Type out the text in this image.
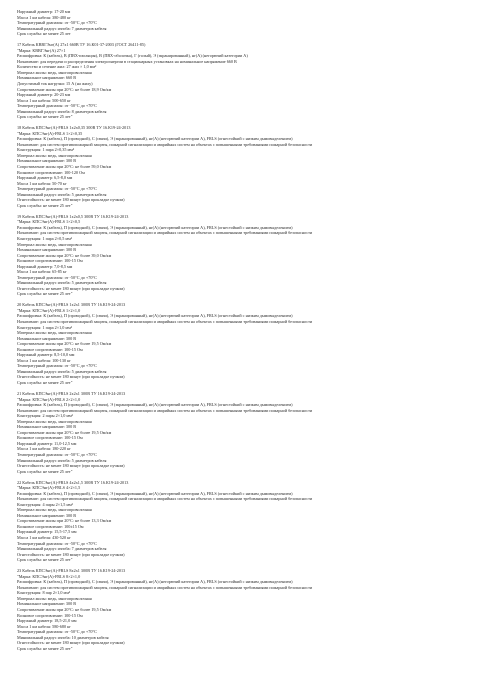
Наружный диаметр: 17-20 мм
Масса 1 км кабеля: 380-480 кг
Температурный диапазон: от -50°С до +70°С
Минимальный радиус изгиба: 7 диаметров кабеля
Срок службы: не менее 25 лет
17 Кабель КВВГЭнг(А) 27х1 660В ТУ 16.К01-37-2003 (ГОСТ 26411-85)
"Марка: КВВГЭнг(А) 27×1
Расшифровка: К (кабель), В (ПВХ-изоляция), В (ПВХ-оболочка), Г (голый), Э (экранированный), нг(А) (негорючий категории А)
Назначение: для передачи и распределения электроэнергии в стационарных установках на номинальное напряжение 660 В
Количество и сечение жил: 27 жил × 1,0 мм²
Материал жилы: медь, многопроволочная
Номинальное напряжение: 660 В
Допустимый ток нагрузки: 15 А (на жилу)
Сопротивление жилы при 20°С: не более 18,9 Ом/км
Наружный диаметр: 20-23 мм
Масса 1 км кабеля: 500-650 кг
Температурный диапазон: от -50°С до +70°С
Минимальный радиус изгиба: 8 диаметров кабеля
Срок службы: не менее 25 лет"
18 Кабель КПСЭнг(А)-FRLS 1х2х0,35 300В ТУ 16.К19-24-2013
"Марка: КПСЭнг(А)-FRLS 1×2×0,35
Расшифровка: К (кабель), П (проводной), С (связи), Э (экранированный), нг(А) (негорючий категории А), FRLS (огнестойкий с низким дымовыделением)
Назначение: для систем противопожарной защиты, пожарной сигнализации и аварийных систем на объектах с повышенными требованиями пожарной безопасности
Конструкция: 1 пара 2×0,35 мм²
Материал жилы: медь, многопроволочная
Номинальное напряжение: 300 В
Сопротивление жилы при 20°С: не более 59,0 Ом/км
Волновое сопротивление: 100-120 Ом
Наружный диаметр: 6,5-8,0 мм
Масса 1 км кабеля: 50-70 кг
Температурный диапазон: от -50°С до +70°С
Минимальный радиус изгиба: 5 диаметров кабеля
Огнестойкость: не менее 180 минут (при прокладке пучком)
Срок службы: не менее 25 лет"
19 Кабель КПСЭнг(А)-FRLS 1х2х0,5 300В ТУ 16.К19-24-2013
"Марка: КПСЭнг(А)-FRLS 1×2×0,5
Расшифровка: К (кабель), П (проводной), С (связи), Э (экранированный), нг(А) (негорючий категории А), FRLS (огнестойкий с низким дымовыделением)
Назначение: для систем противопожарной защиты, пожарной сигнализации и аварийных систем на объектах с повышенными требованиями пожарной безопасности
Конструкция: 1 пара 2×0,5 мм²
Материал жилы: медь, многопроволочная
Номинальное напряжение: 300 В
Сопротивление жилы при 20°С: не более 39,0 Ом/км
Волновое сопротивление: 100-15 Ом
Наружный диаметр: 7,0-8,5 мм
Масса 1 км кабеля: 65-85 кг
Температурный диапазон: от -50°С до +70°С
Минимальный радиус изгиба: 5 диаметров кабеля
Огнестойкость: не менее 180 минут (при прокладке пучком)
Срок службы: не менее 25 лет"
20 Кабель КПСЭнг(А)-FRLS 1х2х1 300В ТУ 16.К19-24-2013
"Марка: КПСЭнг(А)-FRLS 1×2×1,0
Расшифровка: К (кабель), П (проводной), С (связи), Э (экранированный), нг(А) (негорючий категории А), FRLS (огнестойкий с низким дымовыделением)
Назначение: для систем противопожарной защиты, пожарной сигнализации и аварийных систем на объектах с повышенными требованиями пожарной безопасности
Конструкция: 1 пара 2×1,0 мм²
Материал жилы: медь, многопроволочная
Номинальное напряжение: 300 В
Сопротивление жилы при 20°С: не более 19,5 Ом/км
Волновое сопротивление: 100-15 Ом
Наружный диаметр: 8,5-10,0 мм
Масса 1 км кабеля: 100-130 кг
Температурный диапазон: от -50°С до +70°С
Минимальный радиус изгиба: 5 диаметров кабеля
Огнестойкость: не менее 180 минут (при прокладке пучком)
Срок службы: не менее 25 лет"
21 Кабель КПСЭнг(А)-FRLS 2х2х1 300В ТУ 16.К19-24-2013
"Марка: КПСЭнг(А)-FRLS 2×2×1,0
Расшифровка: К (кабель), П (проводной), С (связи), Э (экранированный), нг(А) (негорючий категории А), FRLS (огнестойкий с низким дымовыделением)
Назначение: для систем противопожарной защиты, пожарной сигнализации и аварийных систем на объектах с повышенными требованиями пожарной безопасности
Конструкция: 2 пары 2×1,0 мм²
Материал жилы: медь, многопроволочная
Номинальное напряжение: 300 В
Сопротивление жилы при 20°С: не более 19,5 Ом/км
Волновое сопротивление: 100-15 Ом
Наружный диаметр: 11,0-12,5 мм
Масса 1 км кабеля: 180-220 кг
Температурный диапазон: от -50°С до +70°С
Минимальный радиус изгиба: 5 диаметров кабеля
Огнестойкость: не менее 180 минут (при прокладке пучком)
Срок службы: не менее 25 лет"
22 Кабель КПСЭнг(А)-FRLS 4х2х1,5 300В ТУ 16.К19-24-2013
"Марка: КПСЭнг(А)-FRLS 4×2×1,5
Расшифровка: К (кабель), П (проводной), С (связи), Э (экранированный), нг(А) (негорючий категории А), FRLS (огнестойкий с низким дымовыделением)
Назначение: для систем противопожарной защиты, пожарной сигнализации и аварийных систем на объектах с повышенными требованиями пожарной безопасности
Конструкция: 4 пары 2×1,5 мм²
Материал жилы: медь, многопроволочная
Номинальное напряжение: 300 В
Сопротивление жилы при 20°С: не более 13,3 Ом/км
Волновое сопротивление: 100±15 Ом
Наружный диаметр: 15,5-17,5 мм
Масса 1 км кабеля: 430-520 кг
Температурный диапазон: от -50°С до +70°С
Минимальный радиус изгиба: 7 диаметров кабеля
Огнестойкость: не менее 180 минут (при прокладке пучком)
Срок службы: не менее 25 лет"
23 Кабель КПСЭнг(А)-FRLS 8х2х1 300В ТУ 16.К19-24-2013
"Марка: КПСЭнг(А)-FRLS 8×2×1,0
Расшифровка: К (кабель), П (проводной), С (связи), Э (экранированный), нг(А) (негорючий категории А), FRLS (огнестойкий с низким дымовыделением)
Назначение: для систем противопожарной защиты, пожарной сигнализации и аварийных систем на объектах с повышенными требованиями пожарной безопасности
Конструкция: 8 пар 2×1,0 мм²
Материал жилы: медь, многопроволочная
Номинальное напряжение: 300 В
Сопротивление жилы при 20°С: не более 19,5 Ом/км
Волновое сопротивление: 100-15 Ом
Наружный диаметр: 18,5-21,0 мм
Масса 1 км кабеля: 580-680 кг
Температурный диапазон: от -50°С до +70°С
Минимальный радиус изгиба: 10 диаметров кабеля
Огнестойкость: не менее 180 минут (при прокладке пучком)
Срок службы: не менее 25 лет"
